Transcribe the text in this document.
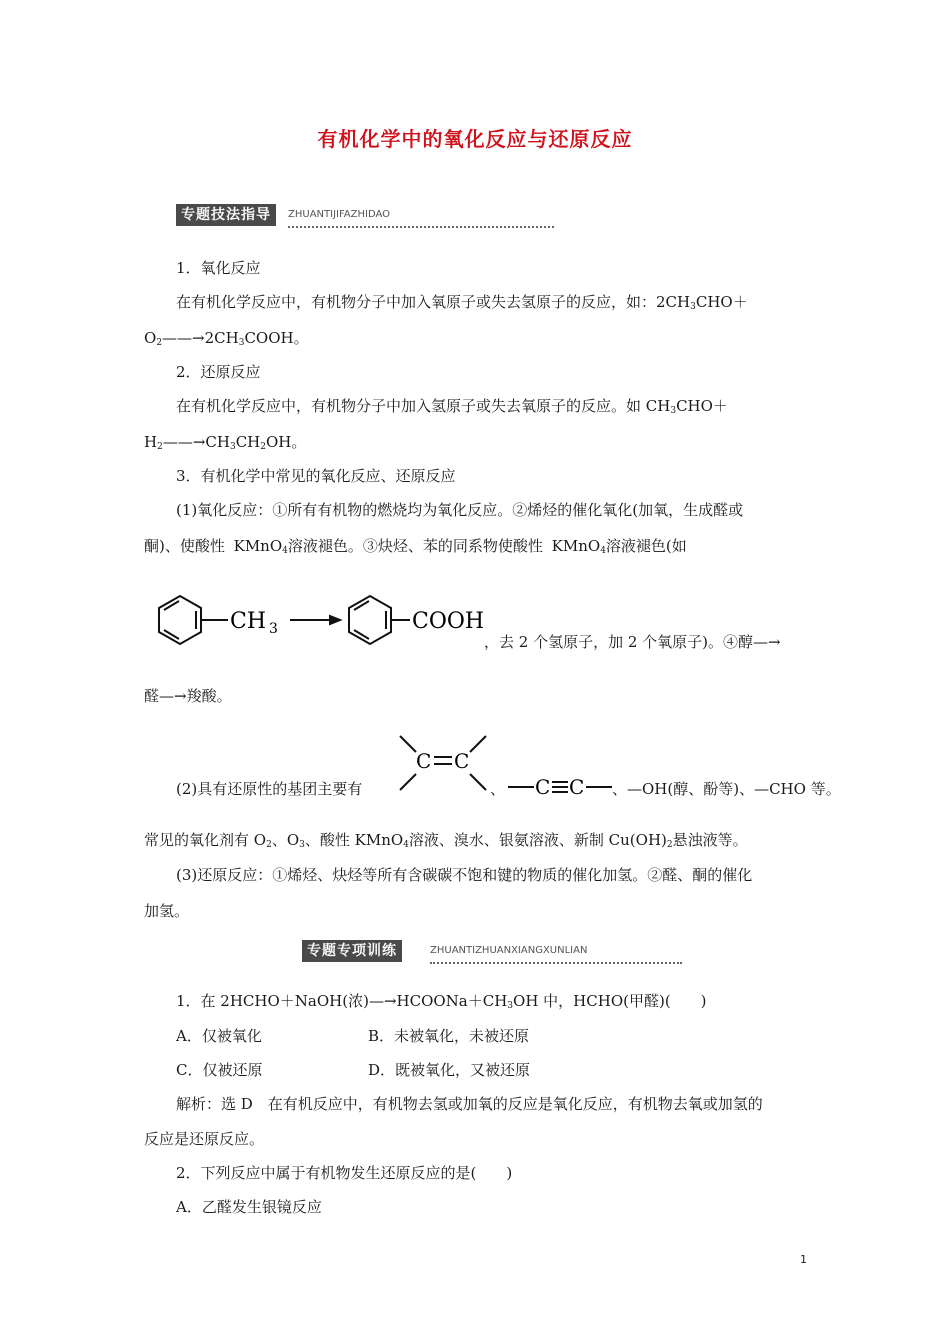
有机化学中的氧化反应与还原反应
专题技法指导	ZHUANTIJIFAZHIDAO
1．氧化反应
在有机化学反应中，有机物分子中加入氧原子或失去氢原子的反应，如：$2CH_3CHO+$
$O_2——\to 2CH_3COOH$。
2．还原反应
在有机化学反应中，有机物分子中加入氢原子或失去氧原子的反应。如 $CH_3CHO+$
$H_2——\to CH_3CH_2OH$。
3．有机化学中常见的氧化反应、还原反应
(1)氧化反应：①所有有机物的燃烧均为氧化反应。②烯烃的催化氧化(加氧，生成醛或
酮)、使酸性 KMnO$_4$溶液褪色。③炔烃、苯的同系物使酸性 KMnO$_4$溶液褪色(如
CH 3	COOH
，去 2 个氢原子，加 2 个氧原子)。④醇—→
醛—→羧酸。
(2)具有还原性的基团主要有
C C
、 C C 、—OH(醇、酚等)、—CHO 等。
常见的氧化剂有 $O_2$、$O_3$、酸性 KMnO$_4$溶液、溴水、银氨溶液、新制 $Cu(OH)_2$悬浊液等。
(3)还原反应：①烯烃、炔烃等所有含碳碳不饱和键的物质的催化加氢。②醛、酮的催化
加氢。
专题专项训练	ZHUANTIZHUANXIANGXUNLIAN
1．在 2HCHO＋NaOH(浓)$—\to HCOONa+CH_3OH$ 中，HCHO(甲醛)(　　)
A．仅被氧化	B．未被氧化，未被还原
C．仅被还原	D．既被氧化，又被还原
解析：选 D　在有机反应中，有机物去氢或加氧的反应是氧化反应，有机物去氧或加氢的
反应是还原反应。
2．下列反应中属于有机物发生还原反应的是(　　)
A．乙醛发生银镜反应
1
